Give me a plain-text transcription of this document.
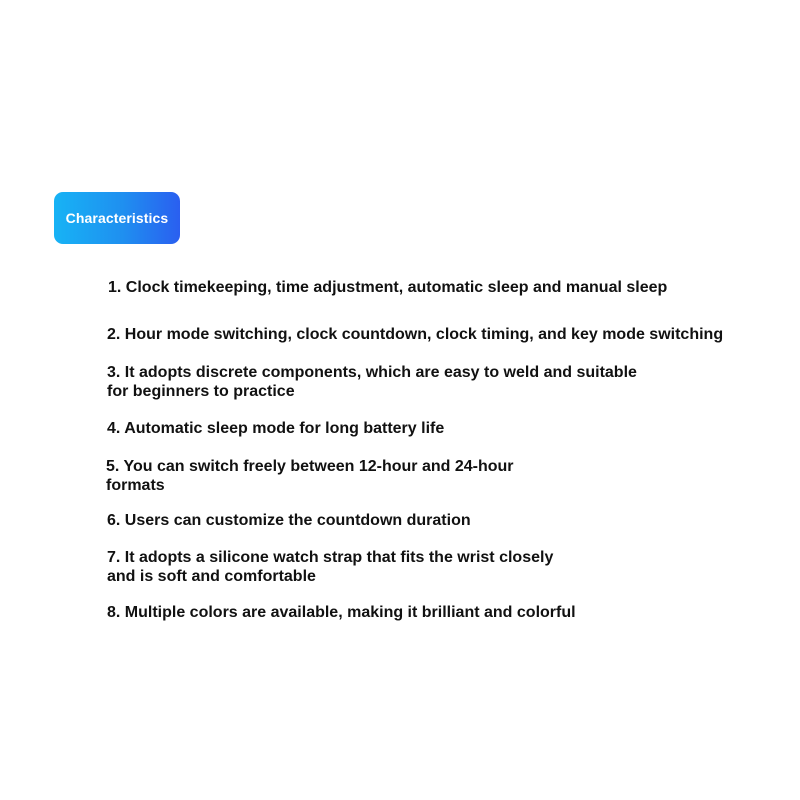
Characteristics
1. Clock timekeeping, time adjustment, automatic sleep and manual sleep
2. Hour mode switching, clock countdown, clock timing, and key mode switching
3. It adopts discrete components, which are easy to weld and suitable
for beginners to practice
4. Automatic sleep mode for long battery life
5. You can switch freely between 12-hour and 24-hour
formats
6. Users can customize the countdown duration
7. It adopts a silicone watch strap that fits the wrist closely
and is soft and comfortable
8. Multiple colors are available, making it brilliant and colorful
